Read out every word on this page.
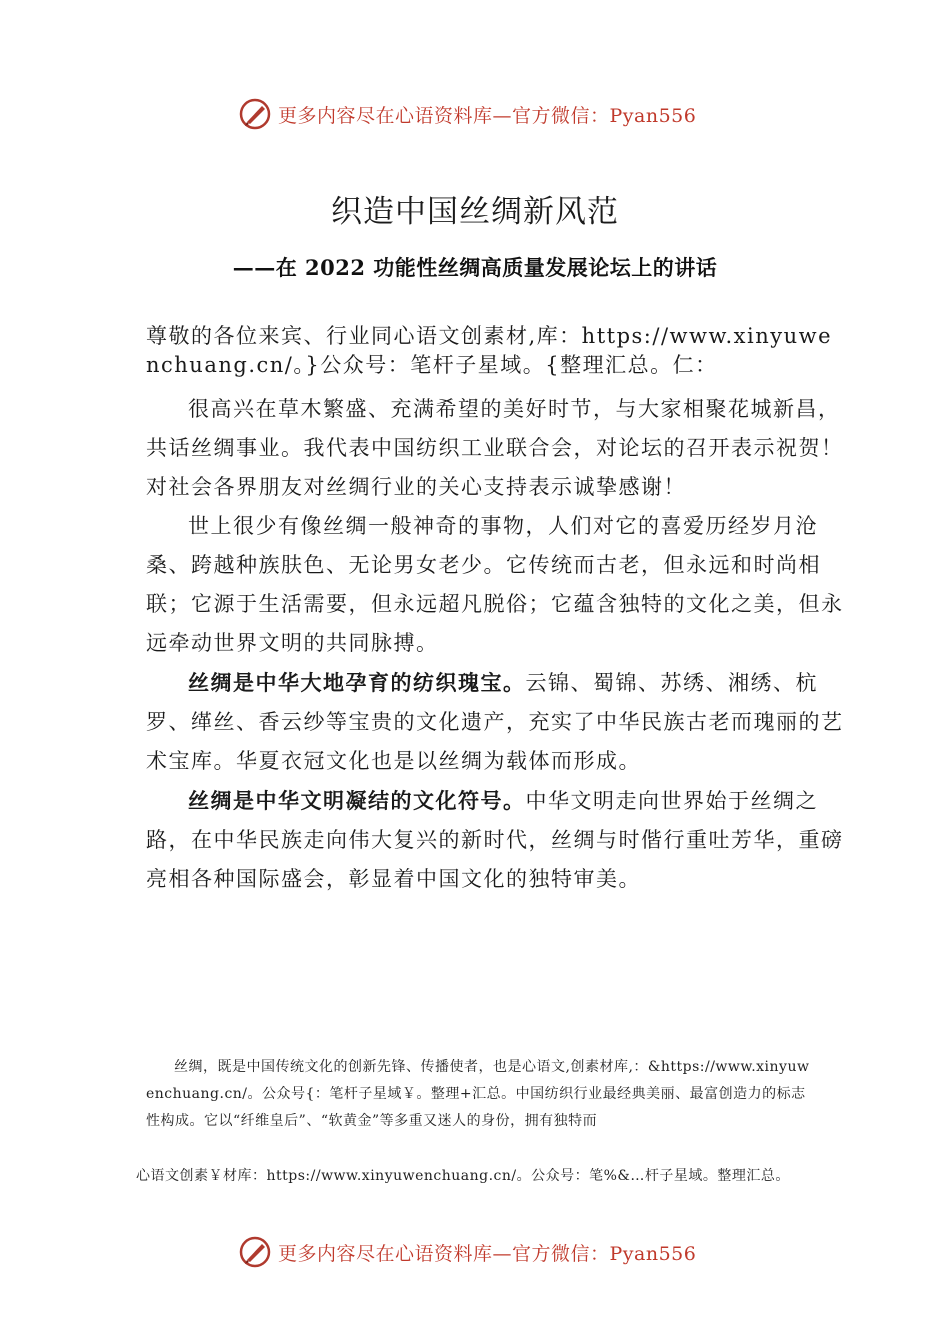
更多内容尽在心语资料库—官方微信：Pyan556
织造中国丝绸新风范
——在 2022 功能性丝绸高质量发展论坛上的讲话

尊敬的各位来宾、行业同心语文创素材,库：https://www.xinyuwenchuang.cn/。}公众号：笔杆子星域。{整理汇总。仁：

很高兴在草木繁盛、充满希望的美好时节，与大家相聚花城新昌，共话丝绸事业。我代表中国纺织工业联合会，对论坛的召开表示祝贺！对社会各界朋友对丝绸行业的关心支持表示诚挚感谢！

世上很少有像丝绸一般神奇的事物，人们对它的喜爱历经岁月沧桑、跨越种族肤色、无论男女老少。它传统而古老，但永远和时尚相联；它源于生活需要，但永远超凡脱俗；它蕴含独特的文化之美，但永远牵动世界文明的共同脉搏。

丝绸是中华大地孕育的纺织瑰宝。云锦、蜀锦、苏绣、湘绣、杭罗、缂丝、香云纱等宝贵的文化遗产，充实了中华民族古老而瑰丽的艺术宝库。华夏衣冠文化也是以丝绸为载体而形成。

丝绸是中华文明凝结的文化符号。中华文明走向世界始于丝绸之路，在中华民族走向伟大复兴的新时代，丝绸与时偕行重吐芳华，重磅亮相各种国际盛会，彰显着中国文化的独特审美。

丝绸，既是中国传统文化的创新先锋、传播使者，也是心语文,创素材库,：&https://www.xinyuwenchuang.cn/。公众号{：笔杆子星域￥。整理+汇总。中国纺织行业最经典美丽、最富创造力的标志性构成。它以“纤维皇后”、“软黄金”等多重又迷人的身份，拥有独特而

心语文创素￥材库：https://www.xinyuwenchuang.cn/。公众号：笔%&…杆子星域。整理汇总。
更多内容尽在心语资料库—官方微信：Pyan556
